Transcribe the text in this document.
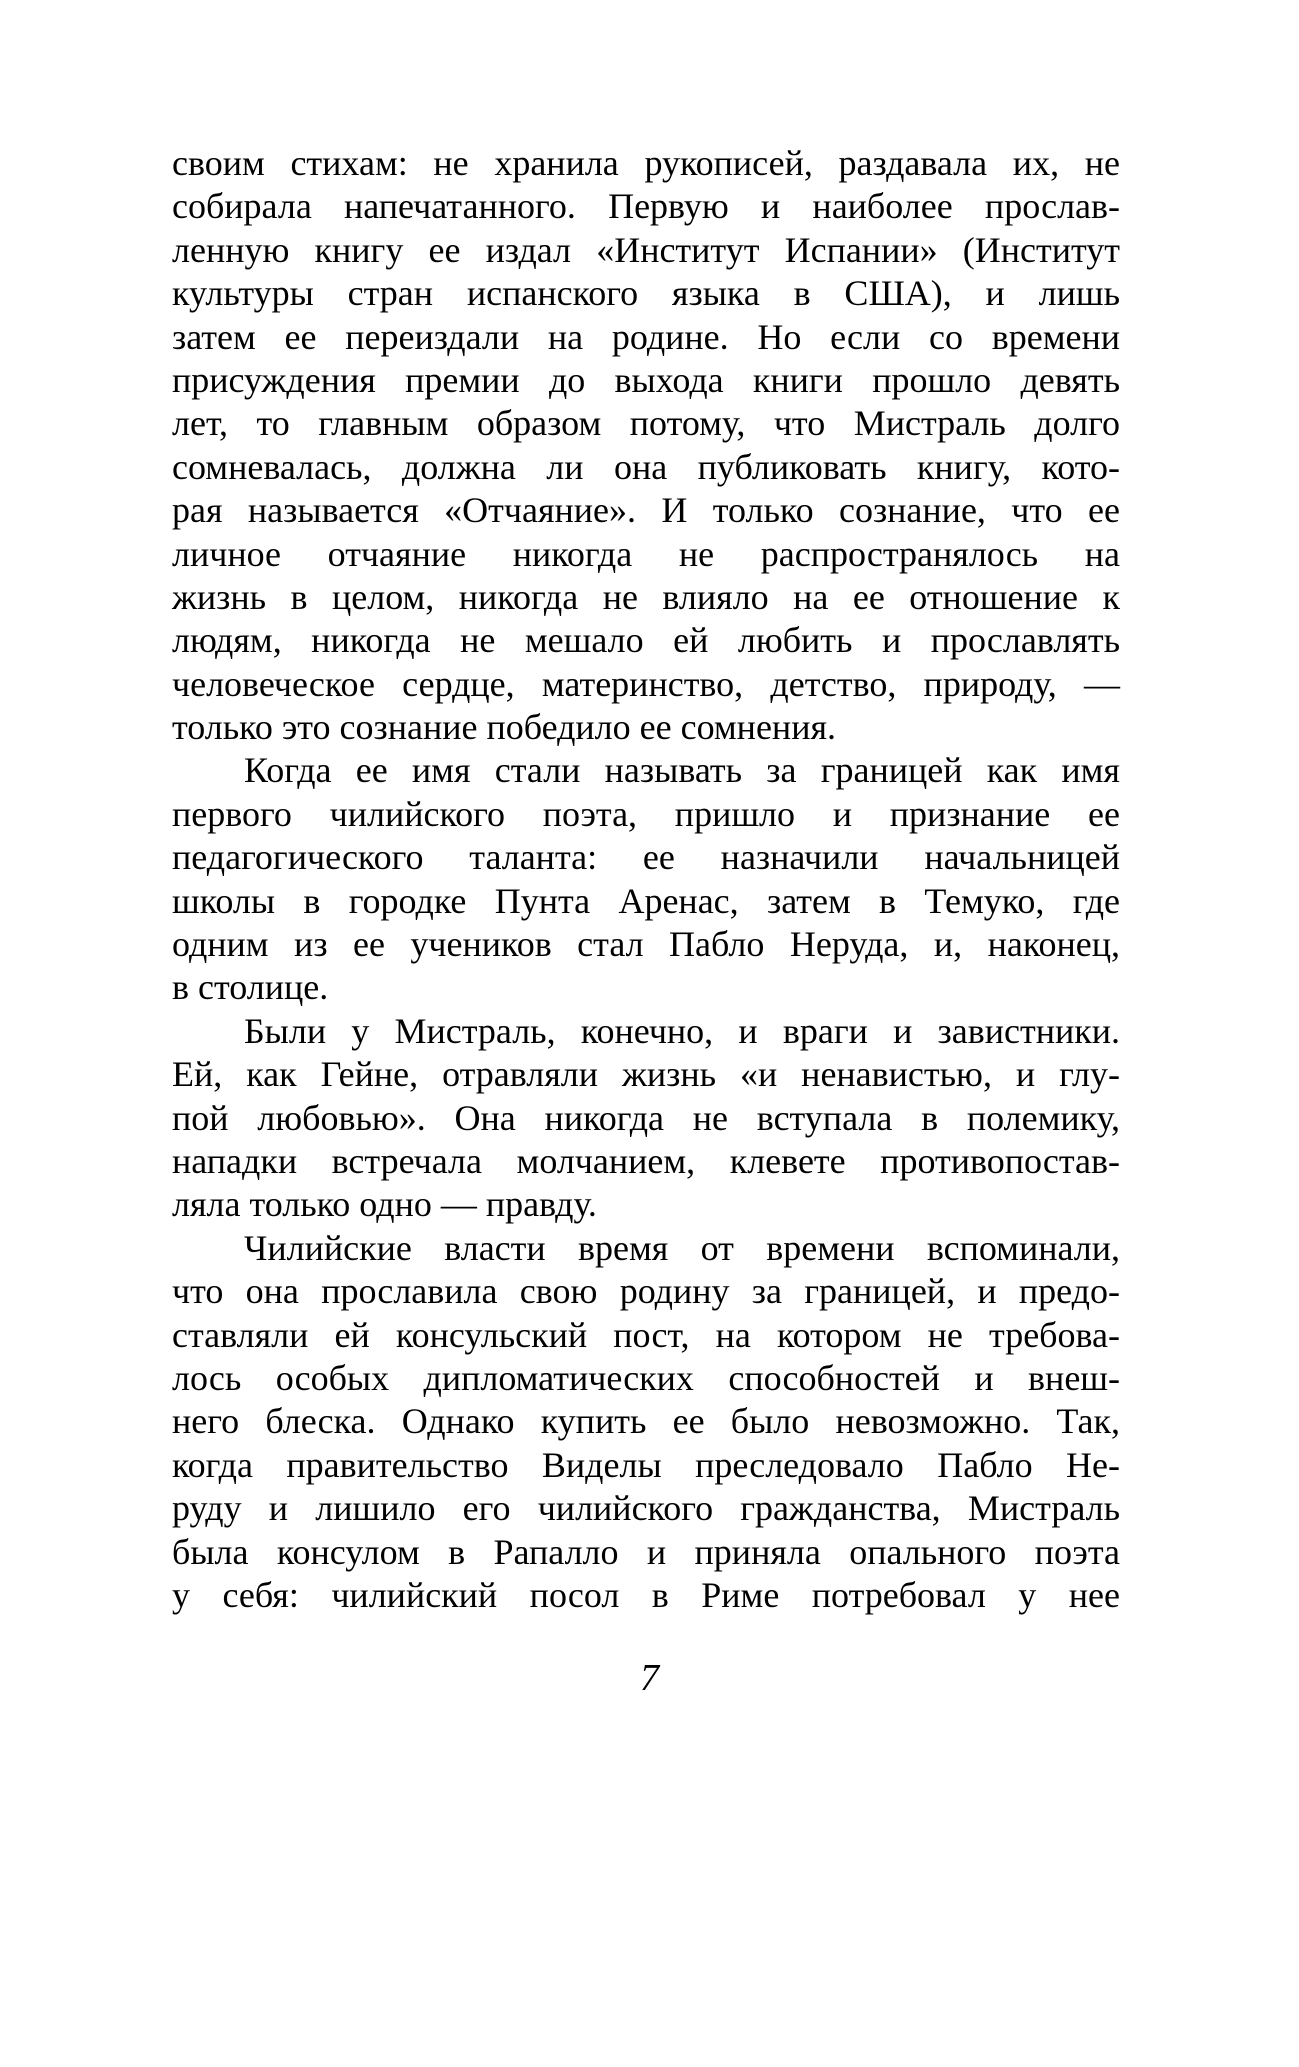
своим стихам: не хранила рукописей, раздавала их, не
собирала напечатанного. Первую и наиболее прослав-
ленную книгу ее издал «Институт Испании» (Институт
культуры стран испанского языка в США), и лишь
затем ее переиздали на родине. Но если со времени
присуждения премии до выхода книги прошло девять
лет, то главным образом потому, что Мистраль долго
сомневалась, должна ли она публиковать книгу, кото-
рая называется «Отчаяние». И только сознание, что ее
личное отчаяние никогда не распространялось на
жизнь в целом, никогда не влияло на ее отношение к
людям, никогда не мешало ей любить и прославлять
человеческое сердце, материнство, детство, природу, —
только это сознание победило ее сомнения.
Когда ее имя стали называть за границей как имя
первого чилийского поэта, пришло и признание ее
педагогического таланта: ее назначили начальницей
школы в городке Пунта Аренас, затем в Темуко, где
одним из ее учеников стал Пабло Неруда, и, наконец,
в столице.
Были у Мистраль, конечно, и враги и завистники.
Ей, как Гейне, отравляли жизнь «и ненавистью, и глу-
пой любовью». Она никогда не вступала в полемику,
нападки встречала молчанием, клевете противопостав-
ляла только одно — правду.
Чилийские власти время от времени вспоминали,
что она прославила свою родину за границей, и предо-
ставляли ей консульский пост, на котором не требова-
лось особых дипломатических способностей и внеш-
него блеска. Однако купить ее было невозможно. Так,
когда правительство Виделы преследовало Пабло Не-
руду и лишило его чилийского гражданства, Мистраль
была консулом в Рапалло и приняла опального поэта
у себя: чилийский посол в Риме потребовал у нее
7
